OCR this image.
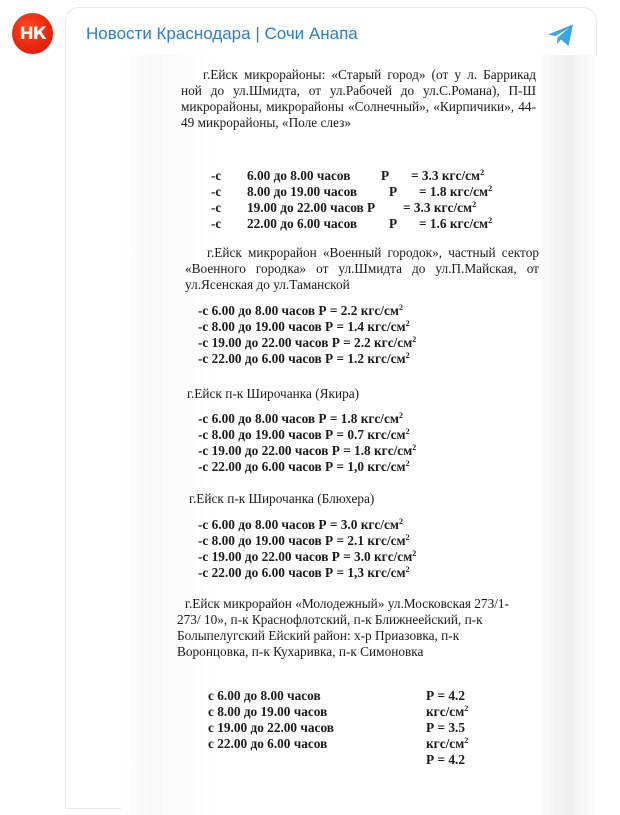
НК	Новости Краснодара | Сочи Анапа
г.Ейск микрорайоны: «Старый город» (от у л. Баррикад ной до ул.Шмидта, от ул.Рабочей до ул.С.Романа), П-Ш микрорайоны, микрорайоны «Солнечный», «Кирпичики», 44-49 микрорайоны, «Поле слез»
-с 6.00 до 8.00 часов Р = 3.3 кгс/$см^2$
-с 8.00 до 19.00 часов Р = 1.8 кгс/$см^2$
-с 19.00 до 22.00 часов Р = 3.3 кгс/$см^2$
-с 22.00 до 6.00 часов Р = 1.6 кгс/$см^2$
г.Ейск микрорайон «Военный городок», частный сектор «Военного городка» от ул.Шмидта до ул.П.Майская, от ул.Ясенская до ул.Таманской
-с 6.00 до 8.00 часов Р = 2.2 кгс/$см^2$
-с 8.00 до 19.00 часов Р = 1.4 кгс/$см^2$
-с 19.00 до 22.00 часов Р = 2.2 кгс/$см^2$
-с 22.00 до 6.00 часов Р = 1.2 кгс/$см^2$
г.Ейск п-к Широчанка (Якира)
-с 6.00 до 8.00 часов Р = 1.8 кгс/$см^2$
-с 8.00 до 19.00 часов Р = 0.7 кгс/$см^2$
-с 19.00 до 22.00 часов Р = 1.8 кгс/$см^2$
-с 22.00 до 6.00 часов Р = 1,0 кгс/$см^2$
г.Ейск п-к Широчанка (Блюхера)
-с 6.00 до 8.00 часов Р = 3.0 кгс/$см^2$
-с 8.00 до 19.00 часов Р = 2.1 кгс/$см^2$
-с 19.00 до 22.00 часов Р = 3.0 кгс/$см^2$
-с 22.00 до 6.00 часов Р = 1,3 кгс/$см^2$
г.Ейск микрорайон «Молодежный» ул.Московская 273/1- 273/ 10», п-к Краснофлотский, п-к Ближнеейский, п-к Болыпелугский Ейский район: х-р Приазовка, п-к Воронцовка, п-к Кухаривка, п-к Симоновка
с 6.00 до 8.00 часов
с 8.00 до 19.00 часов
с 19.00 до 22.00 часов
с 22.00 до 6.00 часов
Р = 4.2
кгс/$см^2$
Р = 3.5
кгс/$см^2$
Р = 4.2
